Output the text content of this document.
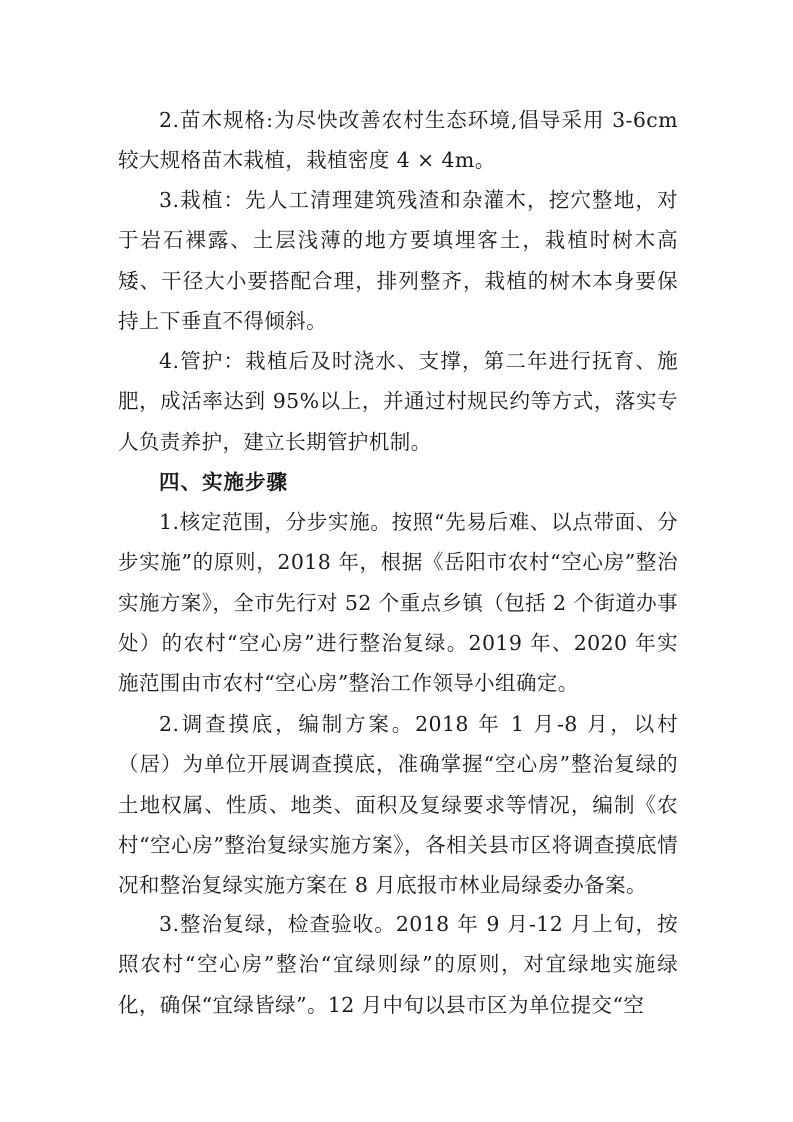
2.苗木规格:为尽快改善农村生态环境,倡导采用 3-6cm 较大规格苗木栽植，栽植密度 4 × 4m。

3.栽植：先人工清理建筑残渣和杂灌木，挖穴整地，对于岩石裸露、土层浅薄的地方要填埋客土，栽植时树木高矮、干径大小要搭配合理，排列整齐，栽植的树木本身要保持上下垂直不得倾斜。

4.管护：栽植后及时浇水、支撑，第二年进行抚育、施肥，成活率达到 95%以上，并通过村规民约等方式，落实专人负责养护，建立长期管护机制。

四、实施步骤

1.核定范围，分步实施。按照“先易后难、以点带面、分步实施”的原则，2018 年，根据《岳阳市农村“空心房”整治实施方案》，全市先行对 52 个重点乡镇（包括 2 个街道办事处）的农村“空心房”进行整治复绿。2019 年、2020 年实施范围由市农村“空心房”整治工作领导小组确定。

2.调查摸底，编制方案。2018 年 1 月-8 月，以村（居）为单位开展调查摸底，准确掌握“空心房”整治复绿的土地权属、性质、地类、面积及复绿要求等情况，编制《农村“空心房”整治复绿实施方案》，各相关县市区将调查摸底情况和整治复绿实施方案在 8 月底报市林业局绿委办备案。

3.整治复绿，检查验收。2018 年 9 月-12 月上旬，按照农村“空心房”整治“宜绿则绿”的原则，对宜绿地实施绿化，确保“宜绿皆绿”。12 月中旬以县市区为单位提交“空
